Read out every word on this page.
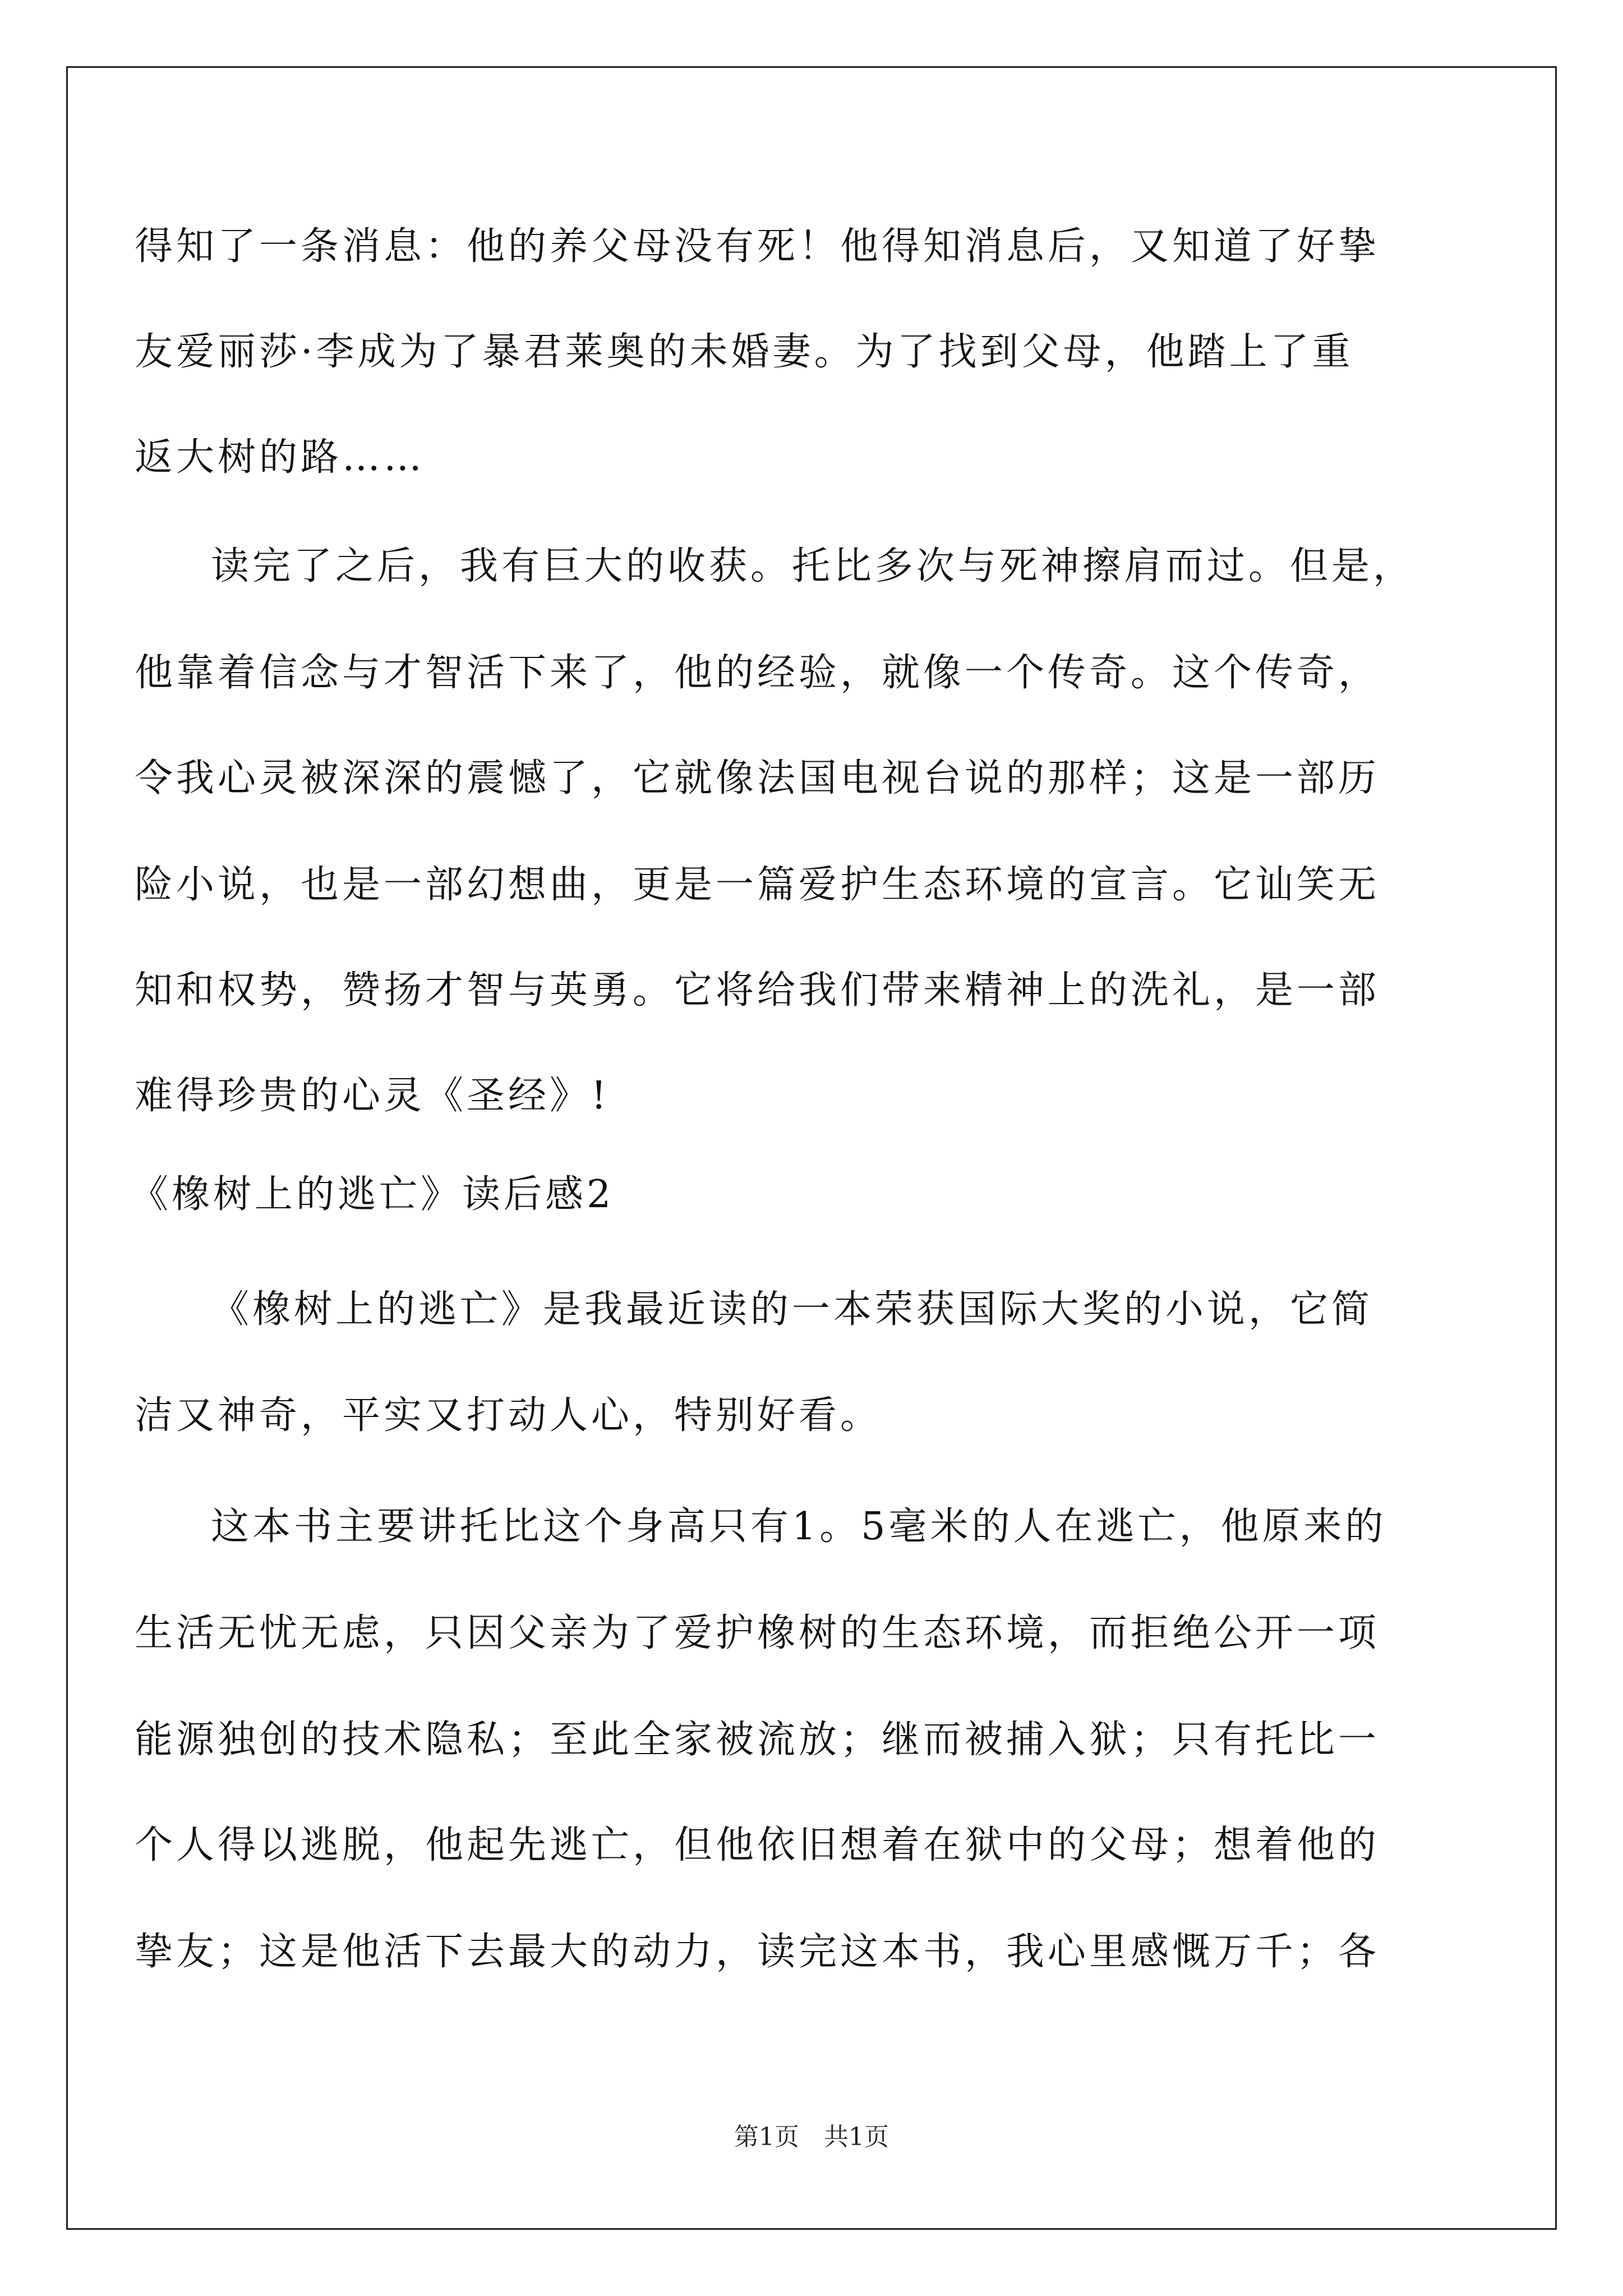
得知了一条消息：他的养父母没有死！他得知消息后，又知道了好挚
友爱丽莎·李成为了暴君莱奥的未婚妻。为了找到父母，他踏上了重
返大树的路……
读完了之后，我有巨大的收获。托比多次与死神擦肩而过。但是，
他靠着信念与才智活下来了，他的经验，就像一个传奇。这个传奇，
令我心灵被深深的震憾了，它就像法国电视台说的那样；这是一部历
险小说，也是一部幻想曲，更是一篇爱护生态环境的宣言。它讪笑无
知和权势，赞扬才智与英勇。它将给我们带来精神上的洗礼，是一部
难得珍贵的心灵《圣经》!
《橡树上的逃亡》读后感2
《橡树上的逃亡》是我最近读的一本荣获国际大奖的小说，它简
洁又神奇，平实又打动人心，特别好看。
这本书主要讲托比这个身高只有1。5毫米的人在逃亡，他原来的
生活无忧无虑，只因父亲为了爱护橡树的生态环境，而拒绝公开一项
能源独创的技术隐私；至此全家被流放；继而被捕入狱；只有托比一
个人得以逃脱，他起先逃亡，但他依旧想着在狱中的父母；想着他的
挚友；这是他活下去最大的动力，读完这本书，我心里感慨万千；各
第1页　共1页
